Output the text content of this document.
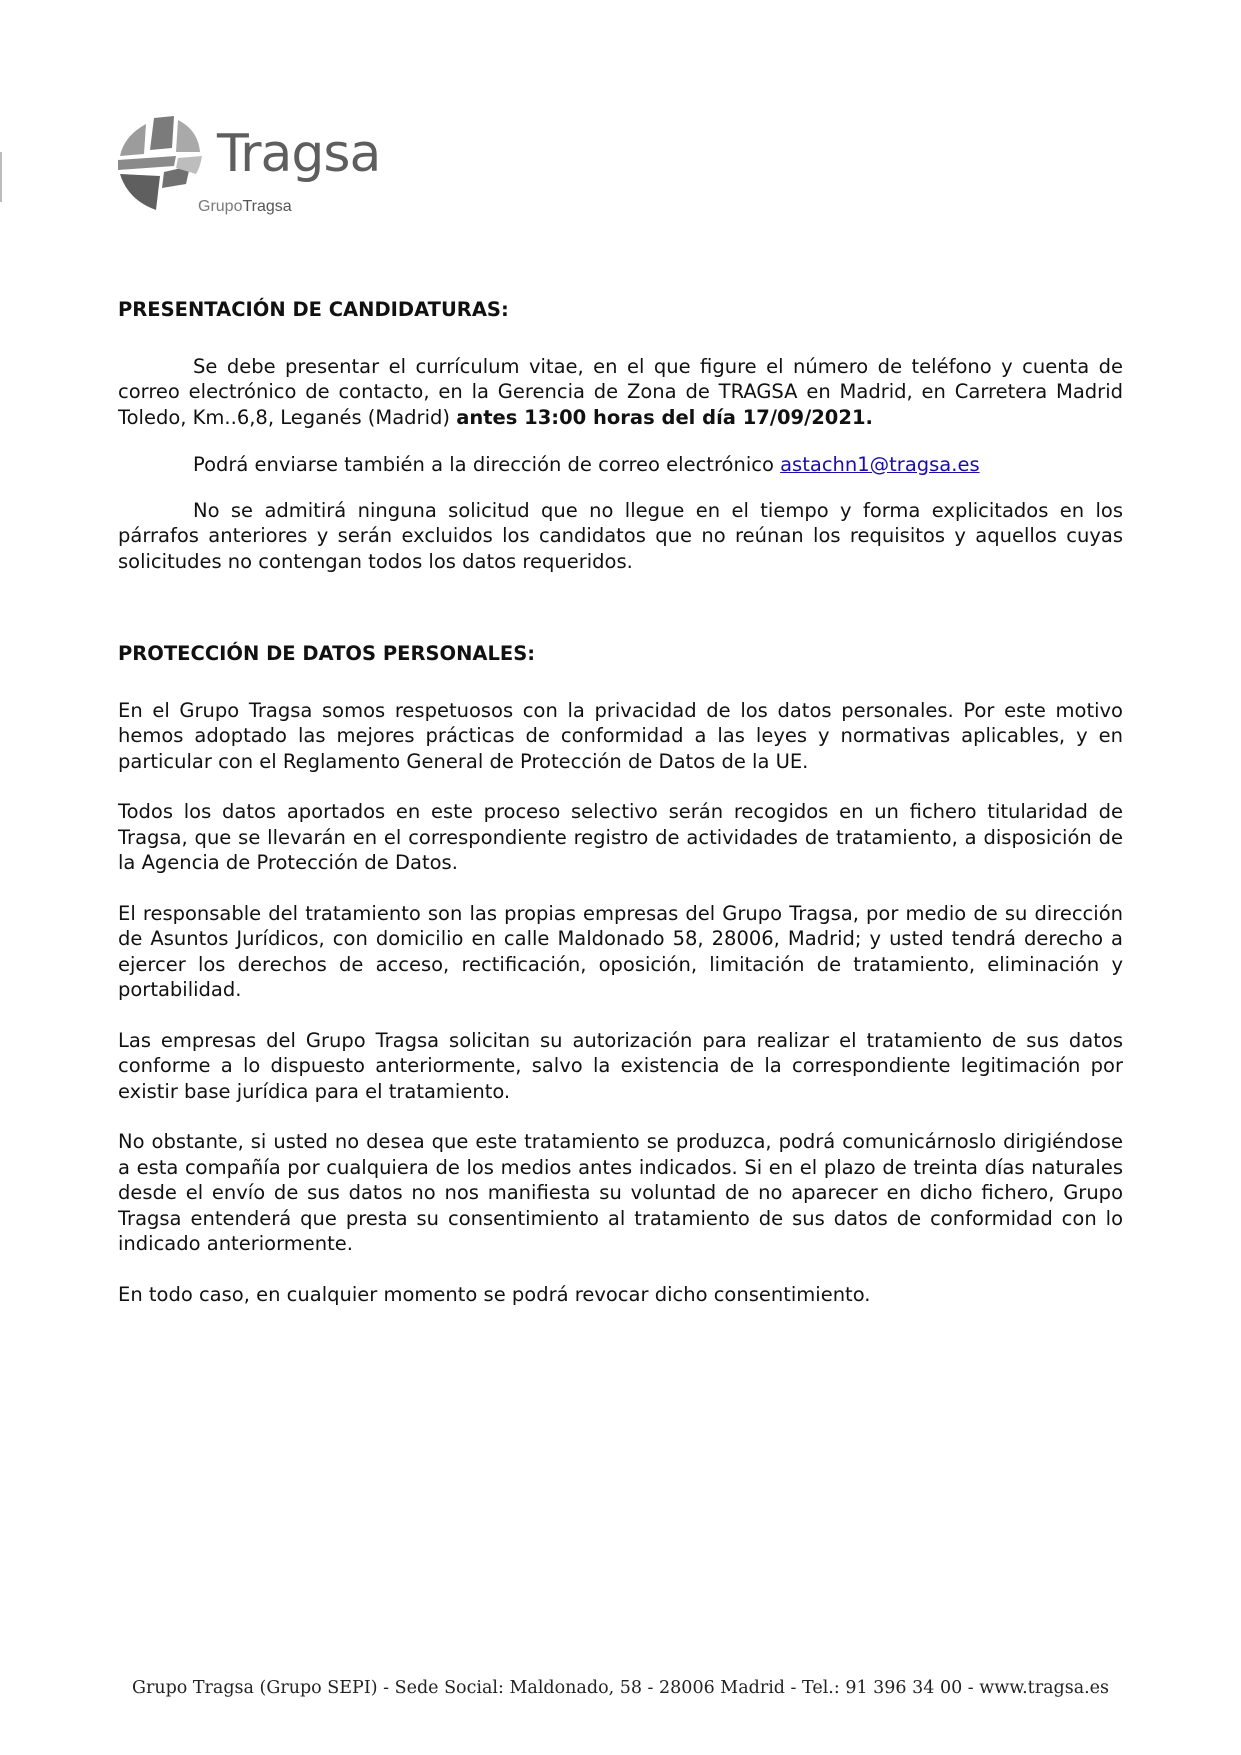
Tragsa
GrupoTragsa

PRESENTACIÓN DE CANDIDATURAS:

Se debe presentar el currículum vitae, en el que figure el número de teléfono y cuenta de correo electrónico de contacto, en la Gerencia de Zona de TRAGSA en Madrid, en Carretera Madrid Toledo, Km..6,8, Leganés (Madrid) antes 13:00 horas del día 17/09/2021.

Podrá enviarse también a la dirección de correo electrónico astachn1@tragsa.es

No se admitirá ninguna solicitud que no llegue en el tiempo y forma explicitados en los párrafos anteriores y serán excluidos los candidatos que no reúnan los requisitos y aquellos cuyas solicitudes no contengan todos los datos requeridos.

PROTECCIÓN DE DATOS PERSONALES:

En el Grupo Tragsa somos respetuosos con la privacidad de los datos personales. Por este motivo hemos adoptado las mejores prácticas de conformidad a las leyes y normativas aplicables, y en particular con el Reglamento General de Protección de Datos de la UE.

Todos los datos aportados en este proceso selectivo serán recogidos en un fichero titularidad de Tragsa, que se llevarán en el correspondiente registro de actividades de tratamiento, a disposición de la Agencia de Protección de Datos.

El responsable del tratamiento son las propias empresas del Grupo Tragsa, por medio de su dirección de Asuntos Jurídicos, con domicilio en calle Maldonado 58, 28006, Madrid; y usted tendrá derecho a ejercer los derechos de acceso, rectificación, oposición, limitación de tratamiento, eliminación y portabilidad.

Las empresas del Grupo Tragsa solicitan su autorización para realizar el tratamiento de sus datos conforme a lo dispuesto anteriormente, salvo la existencia de la correspondiente legitimación por existir base jurídica para el tratamiento.

No obstante, si usted no desea que este tratamiento se produzca, podrá comunicárnoslo dirigiéndose a esta compañía por cualquiera de los medios antes indicados. Si en el plazo de treinta días naturales desde el envío de sus datos no nos manifiesta su voluntad de no aparecer en dicho fichero, Grupo Tragsa entenderá que presta su consentimiento al tratamiento de sus datos de conformidad con lo indicado anteriormente.

En todo caso, en cualquier momento se podrá revocar dicho consentimiento.

Grupo Tragsa (Grupo SEPI) - Sede Social: Maldonado, 58 - 28006 Madrid - Tel.: 91 396 34 00 - www.tragsa.es
